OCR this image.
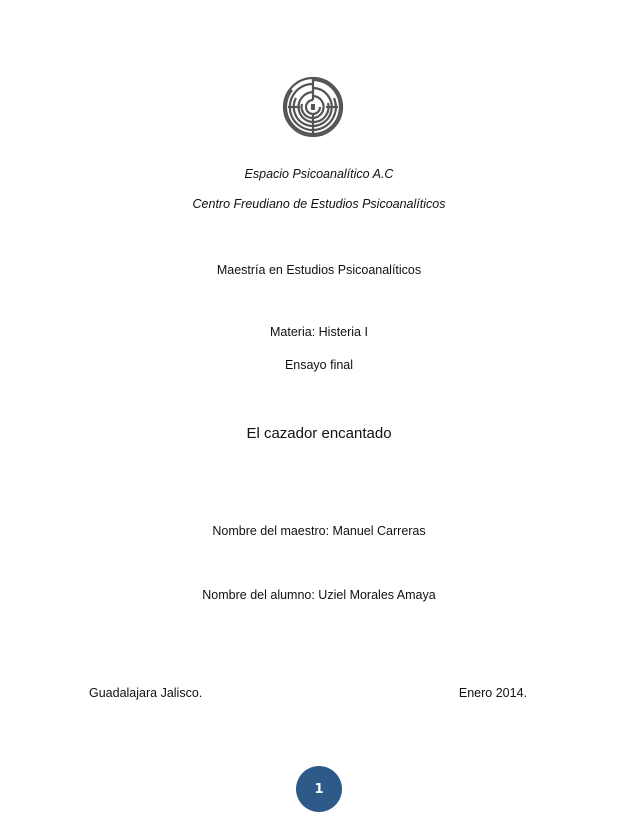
Espacio Psicoanalítico A.C
Centro Freudiano de Estudios Psicoanalíticos
Maestría en Estudios Psicoanalíticos
Materia: Histeria I
Ensayo final
El cazador encantado
Nombre del maestro: Manuel Carreras
Nombre del alumno: Uziel Morales Amaya
Guadalajara Jalisco.	Enero 2014.
1
